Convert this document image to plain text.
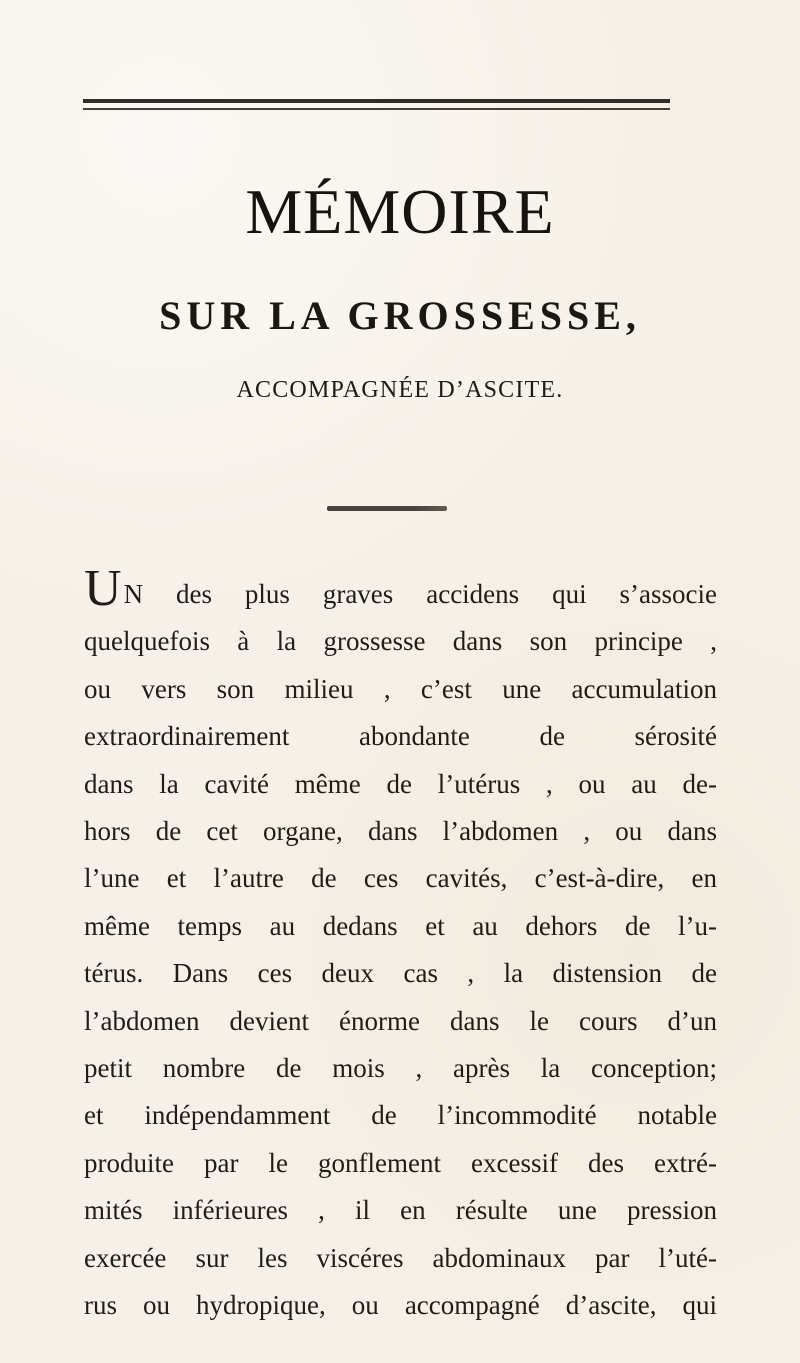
MÉMOIRE
SUR LA GROSSESSE,
ACCOMPAGNÉE D’ASCITE.
UN des plus graves accidens qui s’associe
quelquefois à la grossesse dans son principe ,
ou vers son milieu , c’est une accumulation
extraordinairement abondante de sérosité
dans la cavité même de l’utérus , ou au de-
hors de cet organe, dans l’abdomen , ou dans
l’une et l’autre de ces cavités, c’est-à-dire, en
même temps au dedans et au dehors de l’u-
térus. Dans ces deux cas , la distension de
l’abdomen devient énorme dans le cours d’un
petit nombre de mois , après la conception;
et indépendamment de l’incommodité notable
produite par le gonflement excessif des extré-
mités inférieures , il en résulte une pression
exercée sur les viscéres abdominaux par l’uté-
rus ou hydropique, ou accompagné d’ascite, qui
